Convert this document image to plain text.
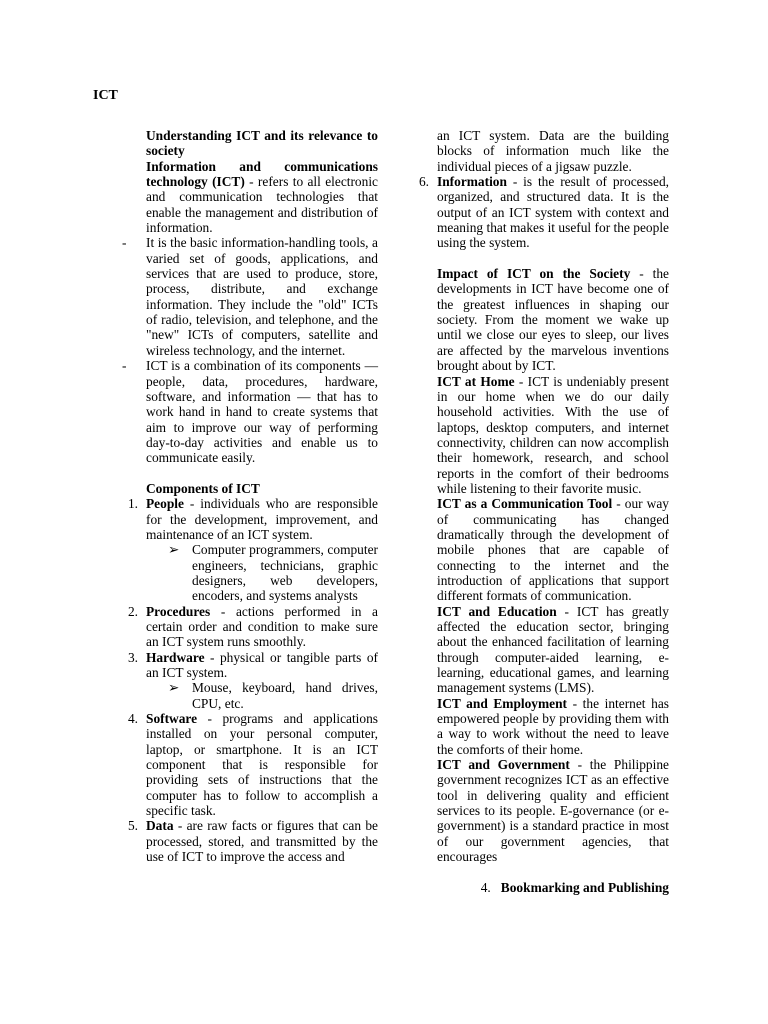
ICT

Understanding ICT and its relevance to society

Information and communications technology (ICT) - refers to all electronic and communication technologies that enable the management and distribution of information.

-	It is the basic information-handling tools, a varied set of goods, applications, and services that are used to produce, store, process, distribute, and exchange information. They include the "old" ICTs of radio, television, and telephone, and the "new" ICTs of computers, satellite and wireless technology, and the internet.

-	ICT is a combination of its components — people, data, procedures, hardware, software, and information — that has to work hand in hand to create systems that aim to improve our way of performing day-to-day activities and enable us to communicate easily.

Components of ICT

1. People - individuals who are responsible for the development, improvement, and maintenance of an ICT system.

➢ Computer programmers, computer engineers, technicians, graphic designers, web developers, encoders, and systems analysts

2. Procedures - actions performed in a certain order and condition to make sure an ICT system runs smoothly.

3. Hardware - physical or tangible parts of an ICT system.

➢ Mouse, keyboard, hand drives, CPU, etc.

4. Software - programs and applications installed on your personal computer, laptop, or smartphone. It is an ICT component that is responsible for providing sets of instructions that the computer has to follow to accomplish a specific task.

5. Data - are raw facts or figures that can be processed, stored, and transmitted by the use of ICT to improve the access and

an ICT system. Data are the building blocks of information much like the individual pieces of a jigsaw puzzle.

6. Information - is the result of processed, organized, and structured data. It is the output of an ICT system with context and meaning that makes it useful for the people using the system.

Impact of ICT on the Society - the developments in ICT have become one of the greatest influences in shaping our society. From the moment we wake up until we close our eyes to sleep, our lives are affected by the marvelous inventions brought about by ICT.

ICT at Home - ICT is undeniably present in our home when we do our daily household activities. With the use of laptops, desktop computers, and internet connectivity, children can now accomplish their homework, research, and school reports in the comfort of their bedrooms while listening to their favorite music.

ICT as a Communication Tool - our way of communicating has changed dramatically through the development of mobile phones that are capable of connecting to the internet and the introduction of applications that support different formats of communication.

ICT and Education - ICT has greatly affected the education sector, bringing about the enhanced facilitation of learning through computer-aided learning, e-learning, educational games, and learning management systems (LMS).

ICT and Employment - the internet has empowered people by providing them with a way to work without the need to leave the comforts of their home.

ICT and Government - the Philippine government recognizes ICT as an effective tool in delivering quality and efficient services to its people. E-governance (or e-government) is a standard practice in most of our government agencies, that encourages

4. Bookmarking and Publishing
